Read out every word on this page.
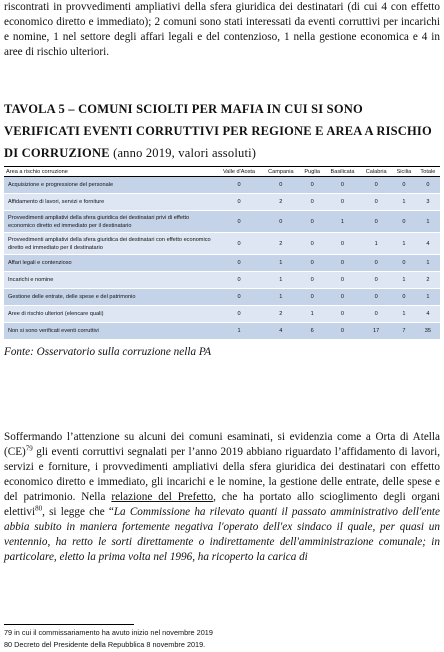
riscontrati in provvedimenti ampliativi della sfera giuridica dei destinatari (di cui 4 con effetto economico diretto e immediato); 2 comuni sono stati interessati da eventi corruttivi per incarichi e nomine, 1 nel settore degli affari legali e del contenzioso, 1 nella gestione economica e 4 in aree di rischio ulteriori.
TAVOLA 5 – COMUNI SCIOLTI PER MAFIA IN CUI SI SONO VERIFICATI EVENTI CORRUTTIVI PER REGIONE E AREA A RISCHIO DI CORRUZIONE (anno 2019, valori assoluti)
Area a rischio corruzione	Valle d'Aosta	Campania	Puglia	Basilicata	Calabria	Sicilia	Totale
Acquisizione e progressione del personale	0	0	0	0	0	0	0
Affidamento di lavori, servizi e forniture	0	2	0	0	0	1	3
Provvedimenti ampliativi della sfera giuridica dei destinatari privi di effetto economico diretto ed immediato per il destinatario	0	0	0	1	0	0	1
Provvedimenti ampliativi della sfera giuridica dei destinatari con effetto economico diretto ed immediato per il destinatario	0	2	0	0	1	1	4
Affari legali e contenzioso	0	1	0	0	0	0	1
Incarichi e nomine	0	1	0	0	0	1	2
Gestione delle entrate, delle spese e del patrimonio	0	1	0	0	0	0	1
Aree di rischio ulteriori (elencare quali)	0	2	1	0	0	1	4
Non si sono verificati eventi corruttivi	1	4	6	0	17	7	35
Fonte: Osservatorio sulla corruzione nella PA
Soffermando l’attenzione su alcuni dei comuni esaminati, si evidenzia come a Orta di Atella (CE)$^{79}$ gli eventi corruttivi segnalati per l’anno 2019 abbiano riguardato l’affidamento di lavori, servizi e forniture, i provvedimenti ampliativi della sfera giuridica dei destinatari con effetto economico diretto e immediato, gli incarichi e le nomine, la gestione delle entrate, delle spese e del patrimonio. Nella relazione del Prefetto, che ha portato allo scioglimento degli organi elettivi$^{80}$, si legge che “La Commissione ha rilevato quanti il passato amministrativo dell'ente abbia subito in maniera fortemente negativa l'operato dell'ex sindaco il quale, per quasi un ventennio, ha retto le sorti direttamente o indirettamente dell'amministrazione comunale; in particolare, eletto la prima volta nel 1996, ha ricoperto la carica di
79 in cui il commissariamento ha avuto inizio nel novembre 2019
80 Decreto del Presidente della Repubblica 8 novembre 2019.
